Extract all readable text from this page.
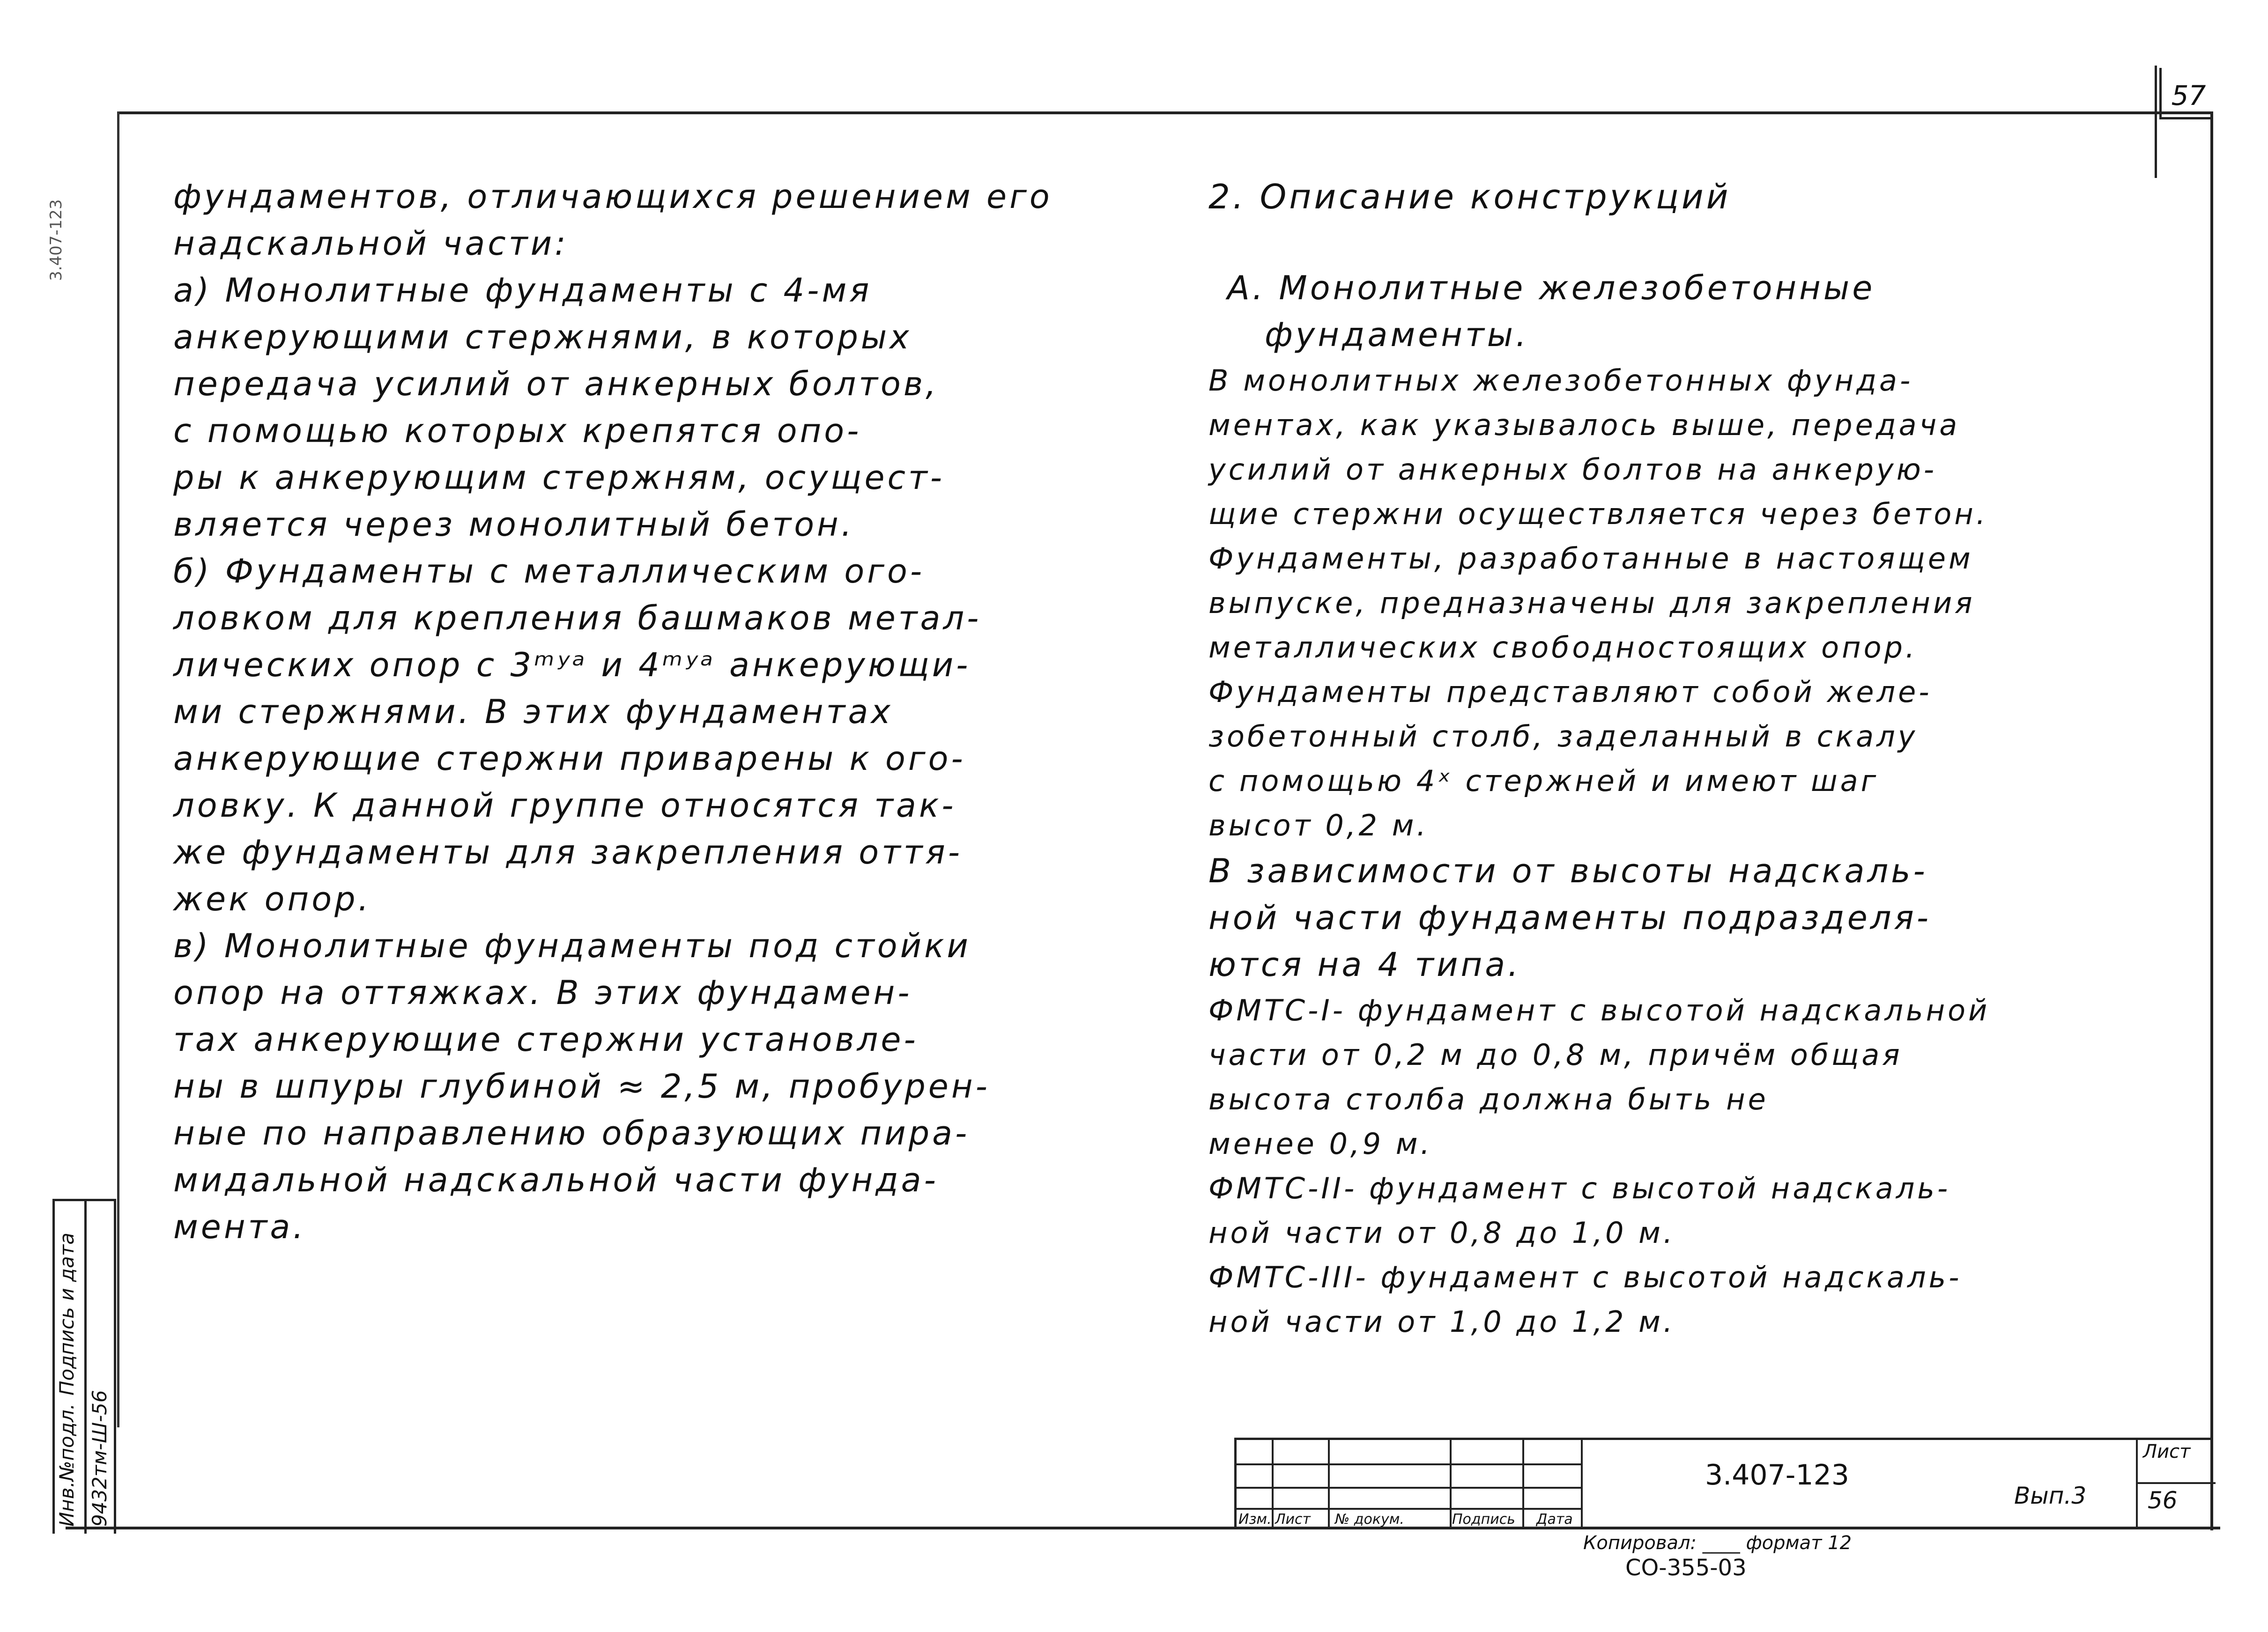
57
3.407-123
фундаментов, отличающихся решением его
надскальной части:
а) Монолитные фундаменты с 4-мя
анкерующими стержнями, в которых
передача усилий от анкерных болтов,
с помощью которых крепятся опо-
ры к анкерующим стержням, осущест-
вляется через монолитный бетон.
б) Фундаменты с металлическим ого-
ловком для крепления башмаков метал-
лических опор с 3ᵐʸᵃ и 4ᵐʸᵃ анкерующи-
ми стержнями. В этих фундаментах
анкерующие стержни приварены к ого-
ловку. К данной группе относятся так-
же фундаменты для закрепления оття-
жек опор.
в) Монолитные фундаменты под стойки
опор на оттяжках. В этих фундамен-
тах анкерующие стержни установле-
ны в шпуры глубиной ≈ 2,5 м, пробурен-
ные по направлению образующих пира-
мидальной надскальной части фунда-
мента.
2. Описание конструкций
А. Монолитные железобетонные
фундаменты.
В монолитных железобетонных фунда-
ментах, как указывалось выше, передача
усилий от анкерных болтов на анкерую-
щие стержни осуществляется через бетон.
Фундаменты, разработанные в настоящем
выпуске, предназначены для закрепления
металлических свободностоящих опор.
Фундаменты представляют собой желе-
зобетонный столб, заделанный в скалу
с помощью 4ˣ стержней и имеют шаг
высот 0,2 м.
В зависимости от высоты надскаль-
ной части фундаменты подразделя-
ются на 4 типа.
ФМТС-I- фундамент с высотой надскальной
части от 0,2 м до 0,8 м, причём общая
высота столба должна быть не
менее 0,9 м.
ФМТС-II- фундамент с высотой надскаль-
ной части от 0,8 до 1,0 м.
ФМТС-III- фундамент с высотой надскаль-
ной части от 1,0 до 1,2 м.
Инв.№подл.
Подпись и дата
9432тм-Ш-56	Изм. Лист № докум.	Подпись Дата
3.407-123
Вып.3
Лист
56
Копировал: ____ формат 12
СО-355-03
